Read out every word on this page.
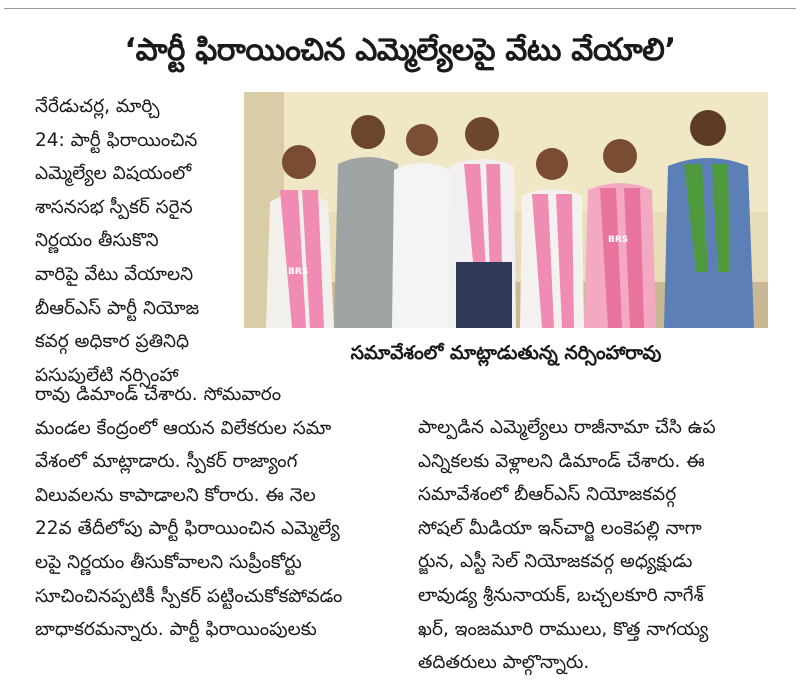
‘పార్టీ ఫిరాయించిన ఎమ్మెల్యేలపై వేటు వేయాలి’

నేరేడుచర్ల, మార్చి

24: పార్టీ ఫిరాయించిన

ఎమ్మెల్యేల విషయంలో

శాసనసభ స్పీకర్ సరైన

నిర్ణయం తీసుకొని

వారిపై వేటు వేయాలని

బీఆర్ఎస్ పార్టీ నియోజ

కవర్గ అధికార ప్రతినిధి

పసుపులేటి నర్సింహా

BRS
BRS
సమావేశంలో మాట్లాడుతున్న నర్సింహారావు

రావు డిమాండ్ చేశారు. సోమవారం

మండల కేంద్రంలో ఆయన విలేకరుల సమా

వేశంలో మాట్లాడారు. స్పీకర్ రాజ్యాంగ

విలువలను కాపాడాలని కోరారు. ఈ నెల

22వ తేదీలోపు పార్టీ ఫిరాయించిన ఎమ్మెల్యే

లపై నిర్ణయం తీసుకోవాలని సుప్రీంకోర్టు

సూచించినప్పటికీ స్పీకర్ పట్టించుకోకపోవడం

బాధాకరమన్నారు. పార్టీ ఫిరాయింపులకు

పాల్పడిన ఎమ్మెల్యేలు రాజీనామా చేసి ఉప

ఎన్నికలకు వెళ్లాలని డిమాండ్ చేశారు. ఈ

సమావేశంలో బీఆర్ఎస్ నియోజకవర్గ

సోషల్ మీడియా ఇన్‌చార్జి లంకెపల్లి నాగా

ర్జున, ఎస్టీ సెల్ నియోజకవర్గ అధ్యక్షుడు

లావుడ్య శ్రీనునాయక్, బచ్చలకూరి నాగేశ్

ఖర్, ఇంజమూరి రాములు, కొత్త నాగయ్య

తదితరులు పాల్గొన్నారు.
